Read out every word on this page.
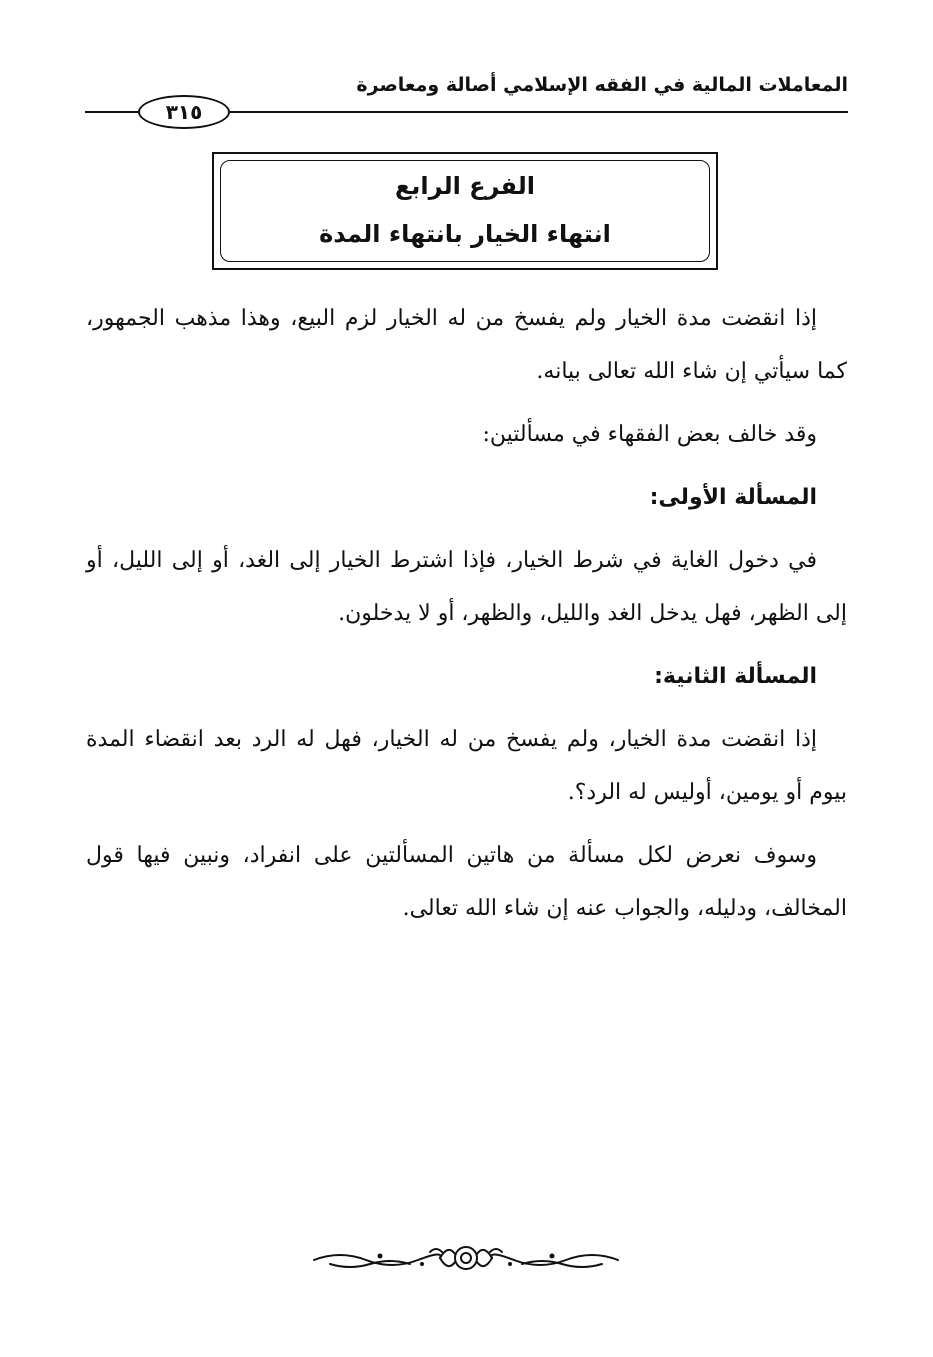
المعاملات المالية في الفقه الإسلامي أصالة ومعاصرة
٣١٥
الفرع الرابع
انتهاء الخيار بانتهاء المدة

إذا انقضت مدة الخيار ولم يفسخ من له الخيار لزم البيع، وهذا مذهب الجمهور، كما سيأتي إن شاء الله تعالى بيانه.

وقد خالف بعض الفقهاء في مسألتين:

المسألة الأولى:

في دخول الغاية في شرط الخيار، فإذا اشترط الخيار إلى الغد، أو إلى الليل، أو إلى الظهر، فهل يدخل الغد والليل، والظهر، أو لا يدخلون.

المسألة الثانية:

إذا انقضت مدة الخيار، ولم يفسخ من له الخيار، فهل له الرد بعد انقضاء المدة بيوم أو يومين، أوليس له الرد؟.

وسوف نعرض لكل مسألة من هاتين المسألتين على انفراد، ونبين فيها قول المخالف، ودليله، والجواب عنه إن شاء الله تعالى.
